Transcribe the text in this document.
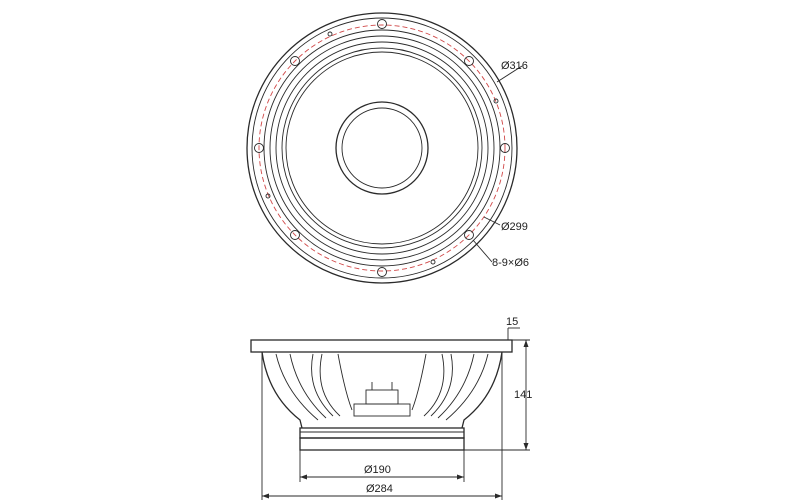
Ø316
Ø299
8-9×Ø6
15
141
Ø190
Ø284
